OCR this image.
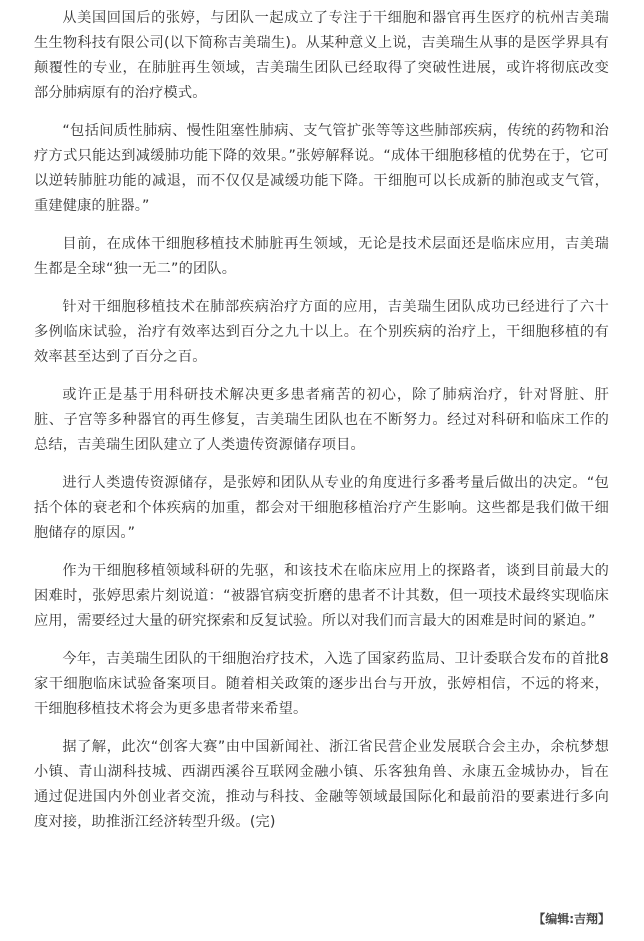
从美国回国后的张婷，与团队一起成立了专注于干细胞和器官再生医疗的杭州吉美瑞生生物科技有限公司(以下简称吉美瑞生)。从某种意义上说，吉美瑞生从事的是医学界具有颠覆性的专业，在肺脏再生领域，吉美瑞生团队已经取得了突破性进展，或许将彻底改变部分肺病原有的治疗模式。

“包括间质性肺病、慢性阻塞性肺病、支气管扩张等等这些肺部疾病，传统的药物和治疗方式只能达到减缓肺功能下降的效果。”张婷解释说。“成体干细胞移植的优势在于，它可以逆转肺脏功能的减退，而不仅仅是减缓功能下降。干细胞可以长成新的肺泡或支气管，重建健康的脏器。”

目前，在成体干细胞移植技术肺脏再生领域，无论是技术层面还是临床应用，吉美瑞生都是全球“独一无二”的团队。

针对干细胞移植技术在肺部疾病治疗方面的应用，吉美瑞生团队成功已经进行了六十多例临床试验，治疗有效率达到百分之九十以上。在个别疾病的治疗上，干细胞移植的有效率甚至达到了百分之百。

或许正是基于用科研技术解决更多患者痛苦的初心，除了肺病治疗，针对肾脏、肝脏、子宫等多种器官的再生修复，吉美瑞生团队也在不断努力。经过对科研和临床工作的总结，吉美瑞生团队建立了人类遗传资源储存项目。

进行人类遗传资源储存，是张婷和团队从专业的角度进行多番考量后做出的决定。“包括个体的衰老和个体疾病的加重，都会对干细胞移植治疗产生影响。这些都是我们做干细胞储存的原因。”

作为干细胞移植领域科研的先驱，和该技术在临床应用上的探路者，谈到目前最大的困难时，张婷思索片刻说道：“被器官病变折磨的患者不计其数，但一项技术最终实现临床应用，需要经过大量的研究探索和反复试验。所以对我们而言最大的困难是时间的紧迫。”

今年，吉美瑞生团队的干细胞治疗技术，入选了国家药监局、卫计委联合发布的首批8家干细胞临床试验备案项目。随着相关政策的逐步出台与开放，张婷相信，不远的将来，干细胞移植技术将会为更多患者带来希望。

据了解，此次“创客大赛”由中国新闻社、浙江省民营企业发展联合会主办，余杭梦想小镇、青山湖科技城、西湖西溪谷互联网金融小镇、乐客独角兽、永康五金城协办，旨在通过促进国内外创业者交流，推动与科技、金融等领域最国际化和最前沿的要素进行多向度对接，助推浙江经济转型升级。(完)

【编辑:吉翔】
